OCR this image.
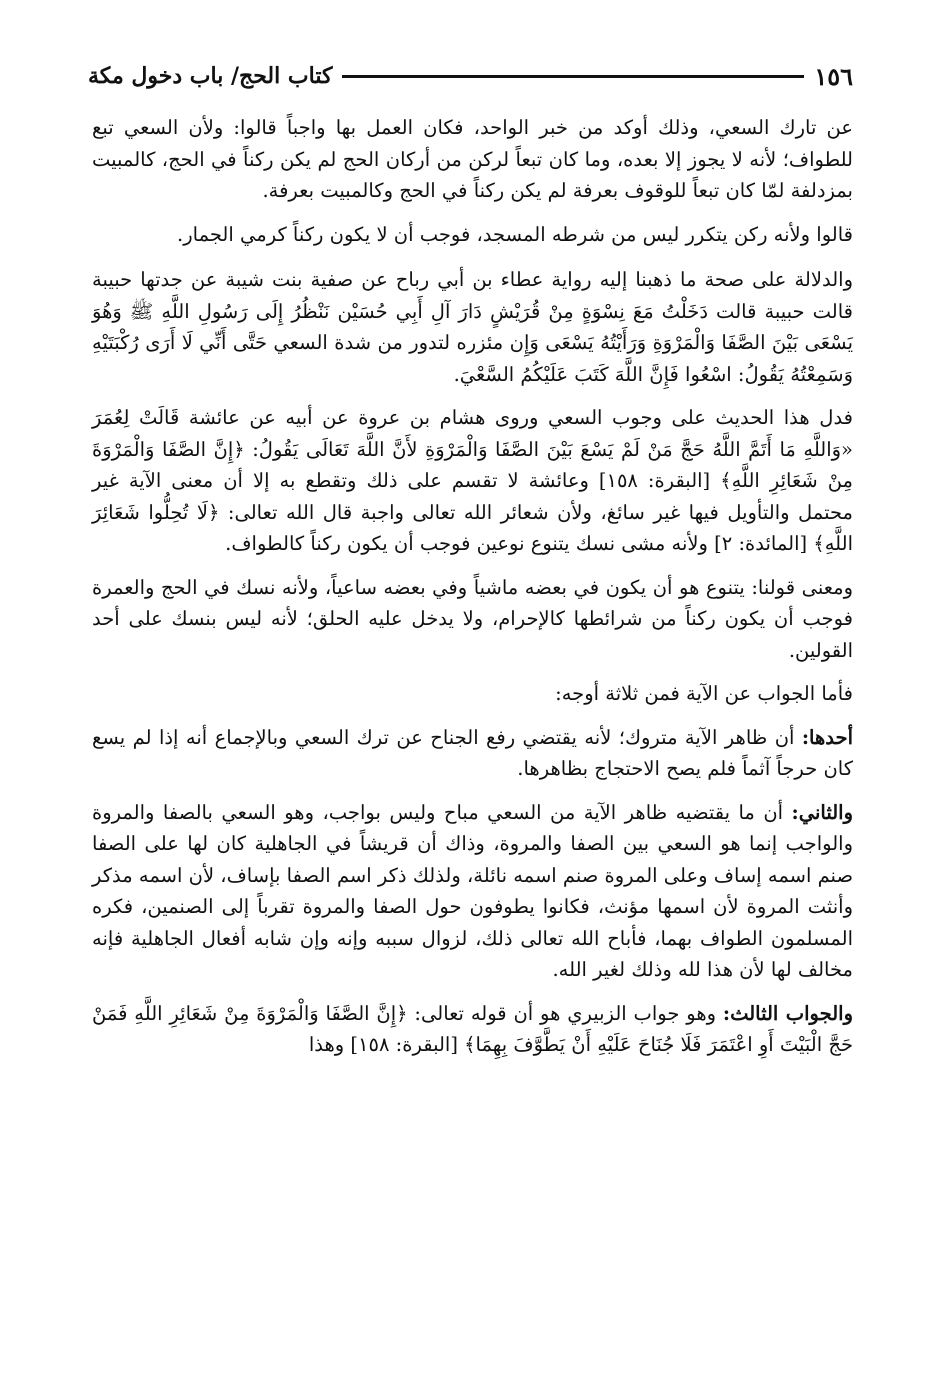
١٥٦
كتاب الحج/ باب دخول مكة

عن تارك السعي، وذلك أوكد من خبر الواحد، فكان العمل بها واجباً قالوا: ولأن السعي تبع للطواف؛ لأنه لا يجوز إلا بعده، وما كان تبعاً لركن من أركان الحج لم يكن ركناً في الحج، كالمبيت بمزدلفة لمّا كان تبعاً للوقوف بعرفة لم يكن ركناً في الحج وكالمبيت بعرفة.

قالوا ولأنه ركن يتكرر ليس من شرطه المسجد، فوجب أن لا يكون ركناً كرمي الجمار.

والدلالة على صحة ما ذهبنا إليه رواية عطاء بن أبي رباح عن صفية بنت شيبة عن جدتها حبيبة قالت حبيبة قالت دَخَلْتُ مَعَ نِسْوَةٍ مِنْ قُرَيْشٍ دَارَ آلِ أَبِي حُسَيْن نَنْظُرُ إِلَى رَسُولِ اللَّهِ ﷺ وَهُوَ يَسْعَى بَيْنَ الصَّفَا وَالْمَرْوَةِ وَرَأَيْتُهُ يَسْعَى وَإِن مئزره لتدور من شدة السعي حَتَّى أَنِّي لَا أَرَى رُكْبَتَيْهِ وَسَمِعْتُهُ يَقُولُ: اسْعُوا فَإِنَّ اللَّهَ كَتَبَ عَلَيْكُمُ السَّعْيَ.

فدل هذا الحديث على وجوب السعي وروى هشام بن عروة عن أبيه عن عائشة قَالَتْ لِعُمَرَ «وَاللَّهِ مَا أَتَمَّ اللَّهُ حَجَّ مَنْ لَمْ يَسْعَ بَيْنَ الصَّفَا وَالْمَرْوَةِ لأَنَّ اللَّهَ تَعَالَى يَقُولُ: ﴿إِنَّ الصَّفَا وَالْمَرْوَةَ مِنْ شَعَائِرِ اللَّهِ﴾ [البقرة: ١٥٨] وعائشة لا تقسم على ذلك وتقطع به إلا أن معنى الآية غير محتمل والتأويل فيها غير سائغ، ولأن شعائر الله تعالى واجبة قال الله تعالى: ﴿لَا تُحِلُّوا شَعَائِرَ اللَّهِ﴾ [المائدة: ٢] ولأنه مشى نسك يتنوع نوعين فوجب أن يكون ركناً كالطواف.

ومعنى قولنا: يتنوع هو أن يكون في بعضه ماشياً وفي بعضه ساعياً، ولأنه نسك في الحج والعمرة فوجب أن يكون ركناً من شرائطها كالإحرام، ولا يدخل عليه الحلق؛ لأنه ليس بنسك على أحد القولين.

فأما الجواب عن الآية فمن ثلاثة أوجه:

أحدها: أن ظاهر الآية متروك؛ لأنه يقتضي رفع الجناح عن ترك السعي وبالإجماع أنه إذا لم يسع كان حرجاً آثماً فلم يصح الاحتجاج بظاهرها.

والثاني: أن ما يقتضيه ظاهر الآية من السعي مباح وليس بواجب، وهو السعي بالصفا والمروة والواجب إنما هو السعي بين الصفا والمروة، وذاك أن قريشاً في الجاهلية كان لها على الصفا صنم اسمه إساف وعلى المروة صنم اسمه نائلة، ولذلك ذكر اسم الصفا بإساف، لأن اسمه مذكر وأنثت المروة لأن اسمها مؤنث، فكانوا يطوفون حول الصفا والمروة تقرباً إلى الصنمين، فكره المسلمون الطواف بهما، فأباح الله تعالى ذلك، لزوال سببه وإنه وإن شابه أفعال الجاهلية فإنه مخالف لها لأن هذا لله وذلك لغير الله.

والجواب الثالث: وهو جواب الزبيري هو أن قوله تعالى: ﴿إِنَّ الصَّفَا وَالْمَرْوَةَ مِنْ شَعَائِرِ اللَّهِ فَمَنْ حَجَّ الْبَيْتَ أَوِ اعْتَمَرَ فَلَا جُنَاحَ عَلَيْهِ أَنْ يَطَّوَّفَ بِهِمَا﴾ [البقرة: ١٥٨] وهذا
